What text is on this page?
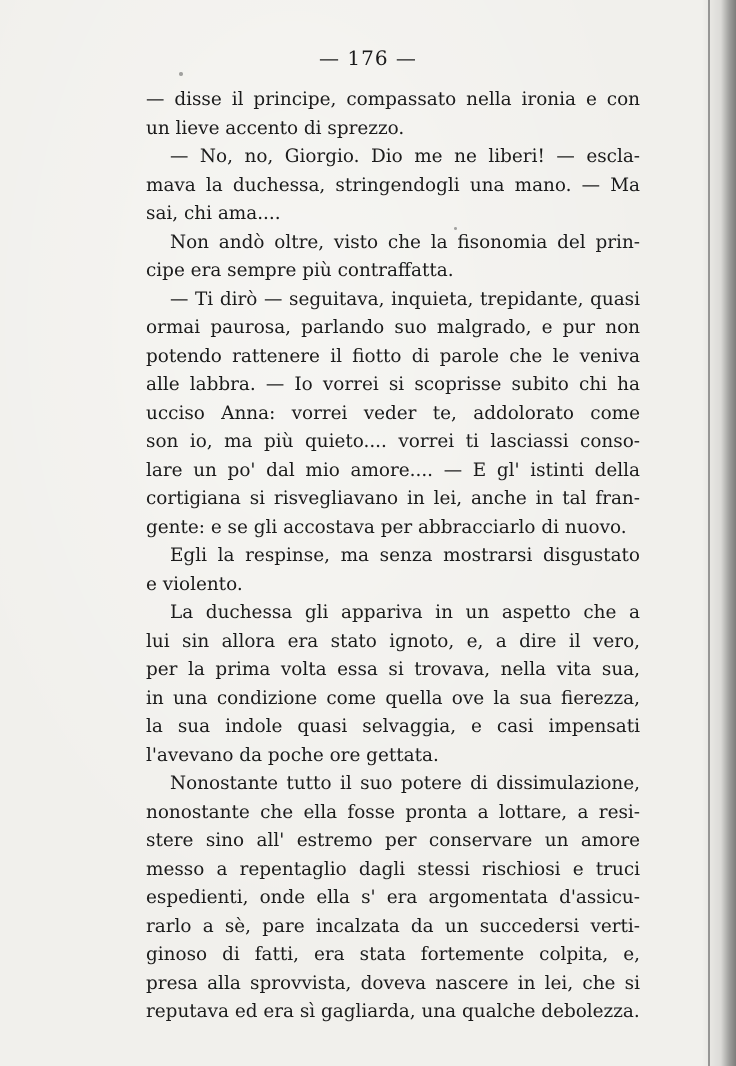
— 176 —

— disse il principe, compassato nella ironia e con
un lieve accento di sprezzo.

— No, no, Giorgio. Dio me ne liberi! — escla-
mava la duchessa, stringendogli una mano. — Ma
sai, chi ama....

Non andò oltre, visto che la fisonomia del prin-
cipe era sempre più contraffatta.

— Ti dirò — seguitava, inquieta, trepidante, quasi
ormai paurosa, parlando suo malgrado, e pur non
potendo rattenere il fiotto di parole che le veniva
alle labbra. — Io vorrei si scoprisse subito chi ha
ucciso Anna: vorrei veder te, addolorato come
son io, ma più quieto.... vorrei ti lasciassi conso-
lare un po' dal mio amore.... — E gl' istinti della
cortigiana si risvegliavano in lei, anche in tal fran-
gente: e se gli accostava per abbracciarlo di nuovo.

Egli la respinse, ma senza mostrarsi disgustato
e violento.

La duchessa gli appariva in un aspetto che a
lui sin allora era stato ignoto, e, a dire il vero,
per la prima volta essa si trovava, nella vita sua,
in una condizione come quella ove la sua fierezza,
la sua indole quasi selvaggia, e casi impensati
l'avevano da poche ore gettata.

Nonostante tutto il suo potere di dissimulazione,
nonostante che ella fosse pronta a lottare, a resi-
stere sino all' estremo per conservare un amore
messo a repentaglio dagli stessi rischiosi e truci
espedienti, onde ella s' era argomentata d'assicu-
rarlo a sè, pare incalzata da un succedersi verti-
ginoso di fatti, era stata fortemente colpita, e,
presa alla sprovvista, doveva nascere in lei, che si
reputava ed era sì gagliarda, una qualche debolezza.
